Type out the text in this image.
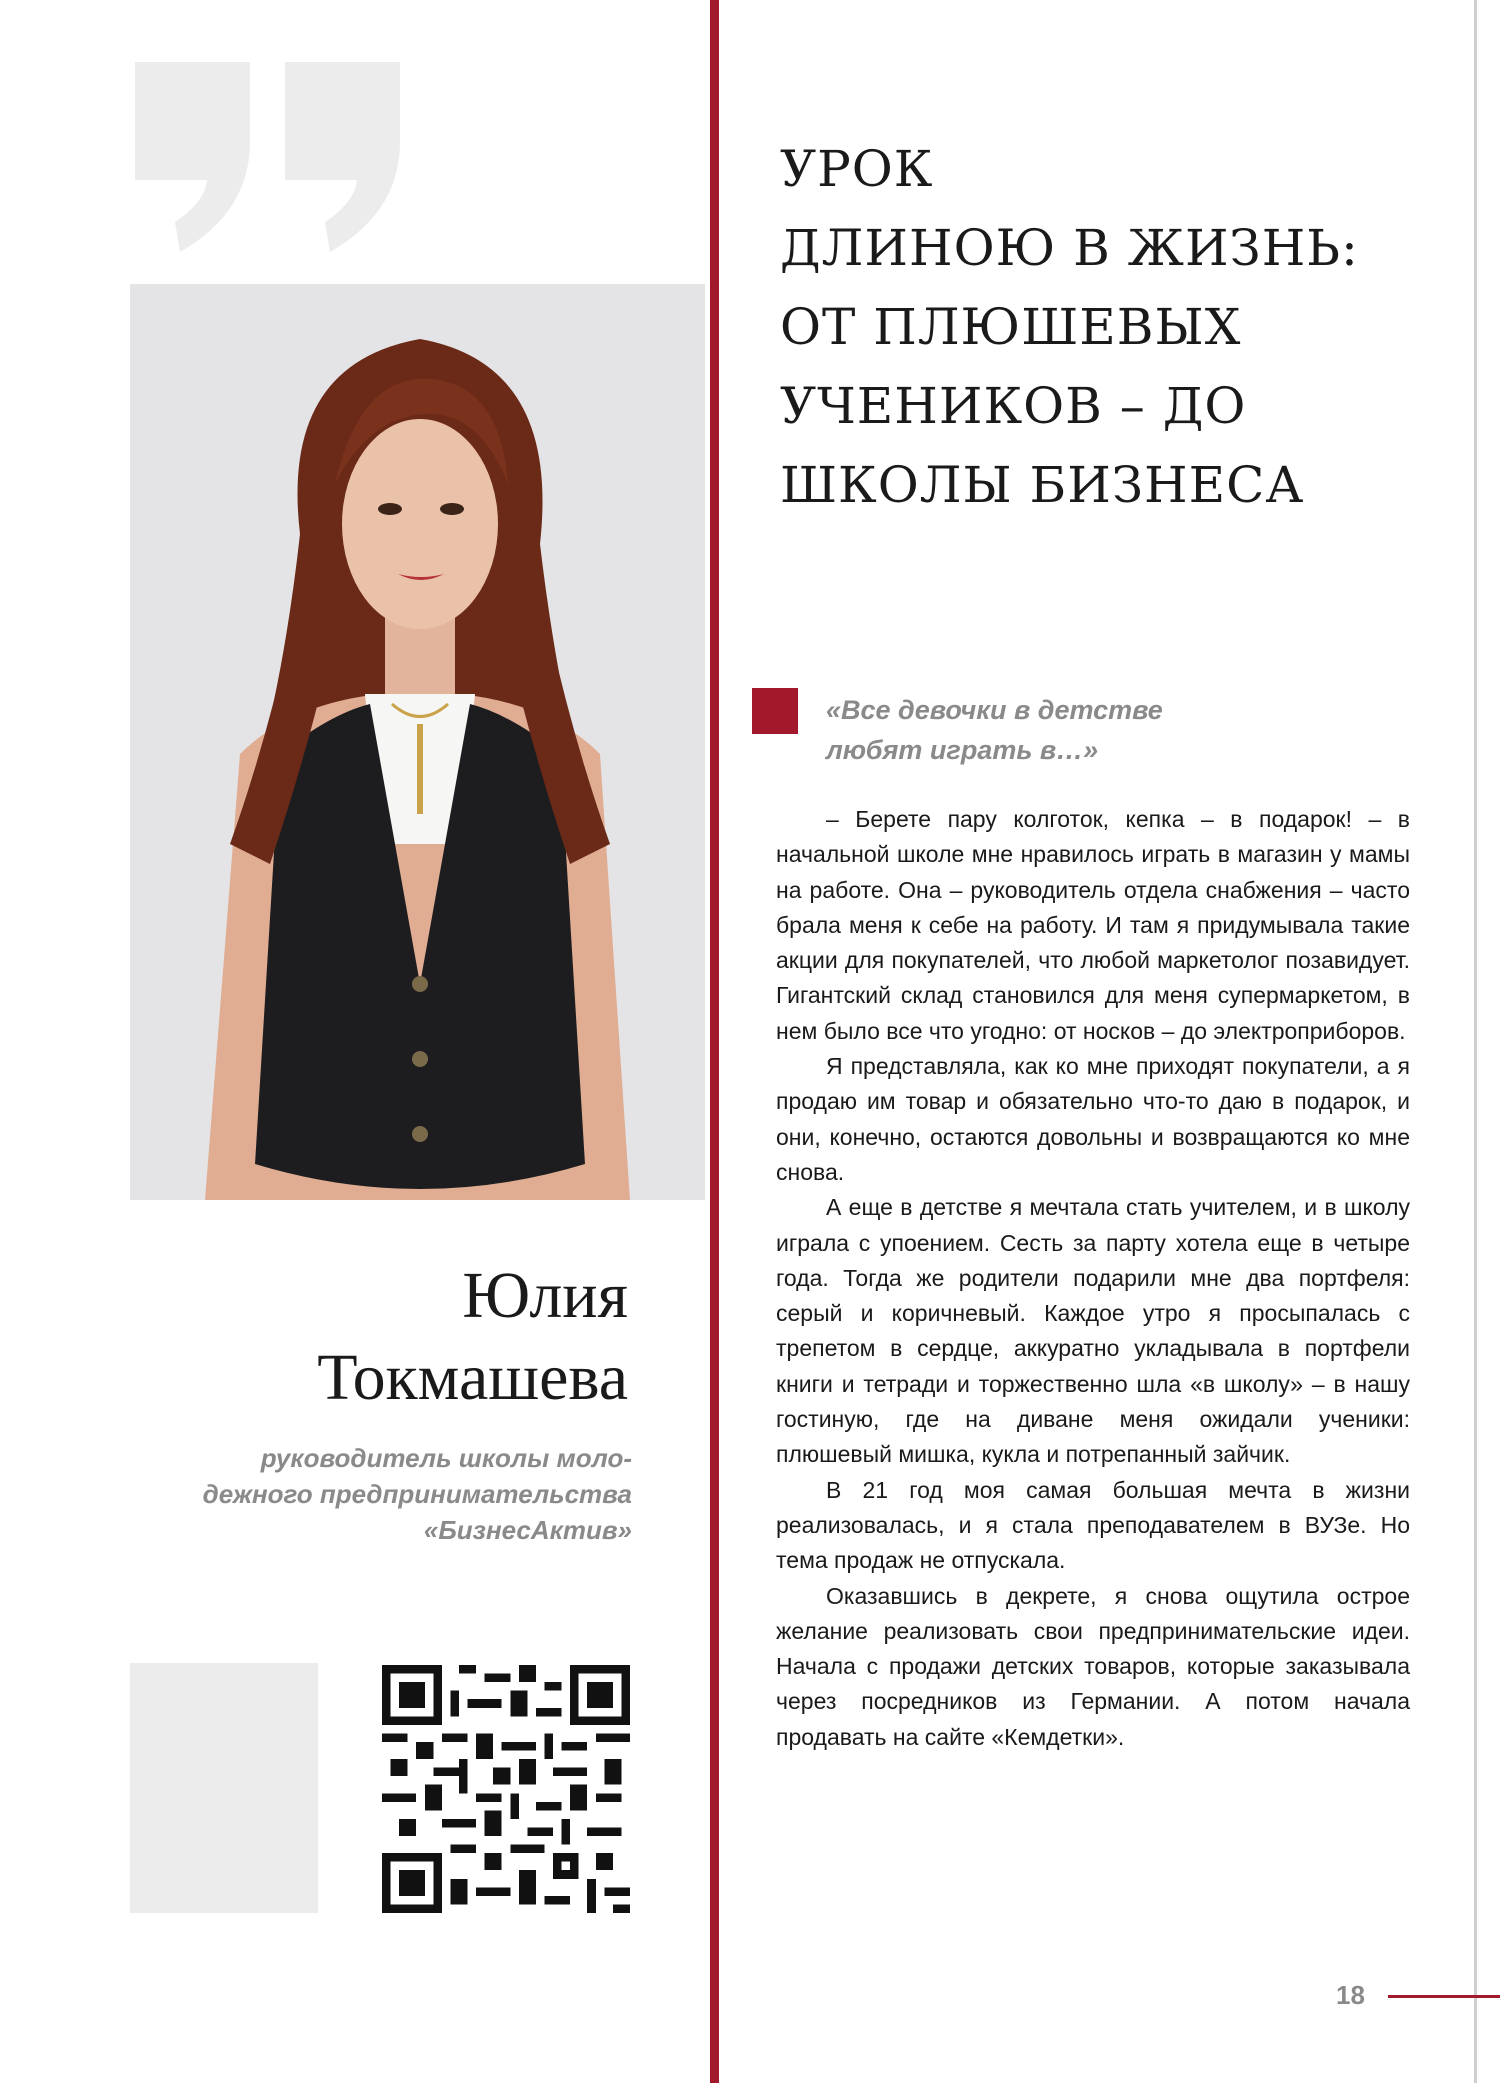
Юлия
Токмашева
руководитель школы моло-
дежного предпринимательства
«БизнесАктив»
УРОК
ДЛИНОЮ В ЖИЗНЬ:
ОТ ПЛЮШЕВЫХ
УЧЕНИКОВ – ДО
ШКОЛЫ БИЗНЕСА
«Все девочки в детстве
любят играть в…»

– Берете пару колготок, кепка – в подарок! – в начальной школе мне нравилось играть в магазин у мамы на работе. Она – руководитель отдела снабжения – часто брала меня к себе на работу. И там я придумывала такие акции для покупателей, что любой маркетолог позавидует. Гигантский склад становился для меня супермаркетом, в нем было все что угодно: от носков – до электроприборов.

Я представляла, как ко мне приходят покупатели, а я продаю им товар и обязательно что-то даю в подарок, и они, конечно, остаются довольны и возвращаются ко мне снова.

А еще в детстве я мечтала стать учителем, и в школу играла с упоением. Сесть за парту хотела еще в четыре года. Тогда же родители подарили мне два портфеля: серый и коричневый. Каждое утро я просыпалась с трепетом в сердце, аккуратно укладывала в портфели книги и тетради и торжественно шла «в школу» – в нашу гостиную, где на диване меня ожидали ученики: плюшевый мишка, кукла и потрепанный зайчик.

В 21 год моя самая большая мечта в жизни реализовалась, и я стала преподавателем в ВУЗе. Но тема продаж не отпускала.

Оказавшись в декрете, я снова ощутила острое желание реализовать свои предпринимательские идеи. Начала с продажи детских товаров, которые заказывала через посредников из Германии. А потом начала продавать на сайте «Кемдетки».

18
